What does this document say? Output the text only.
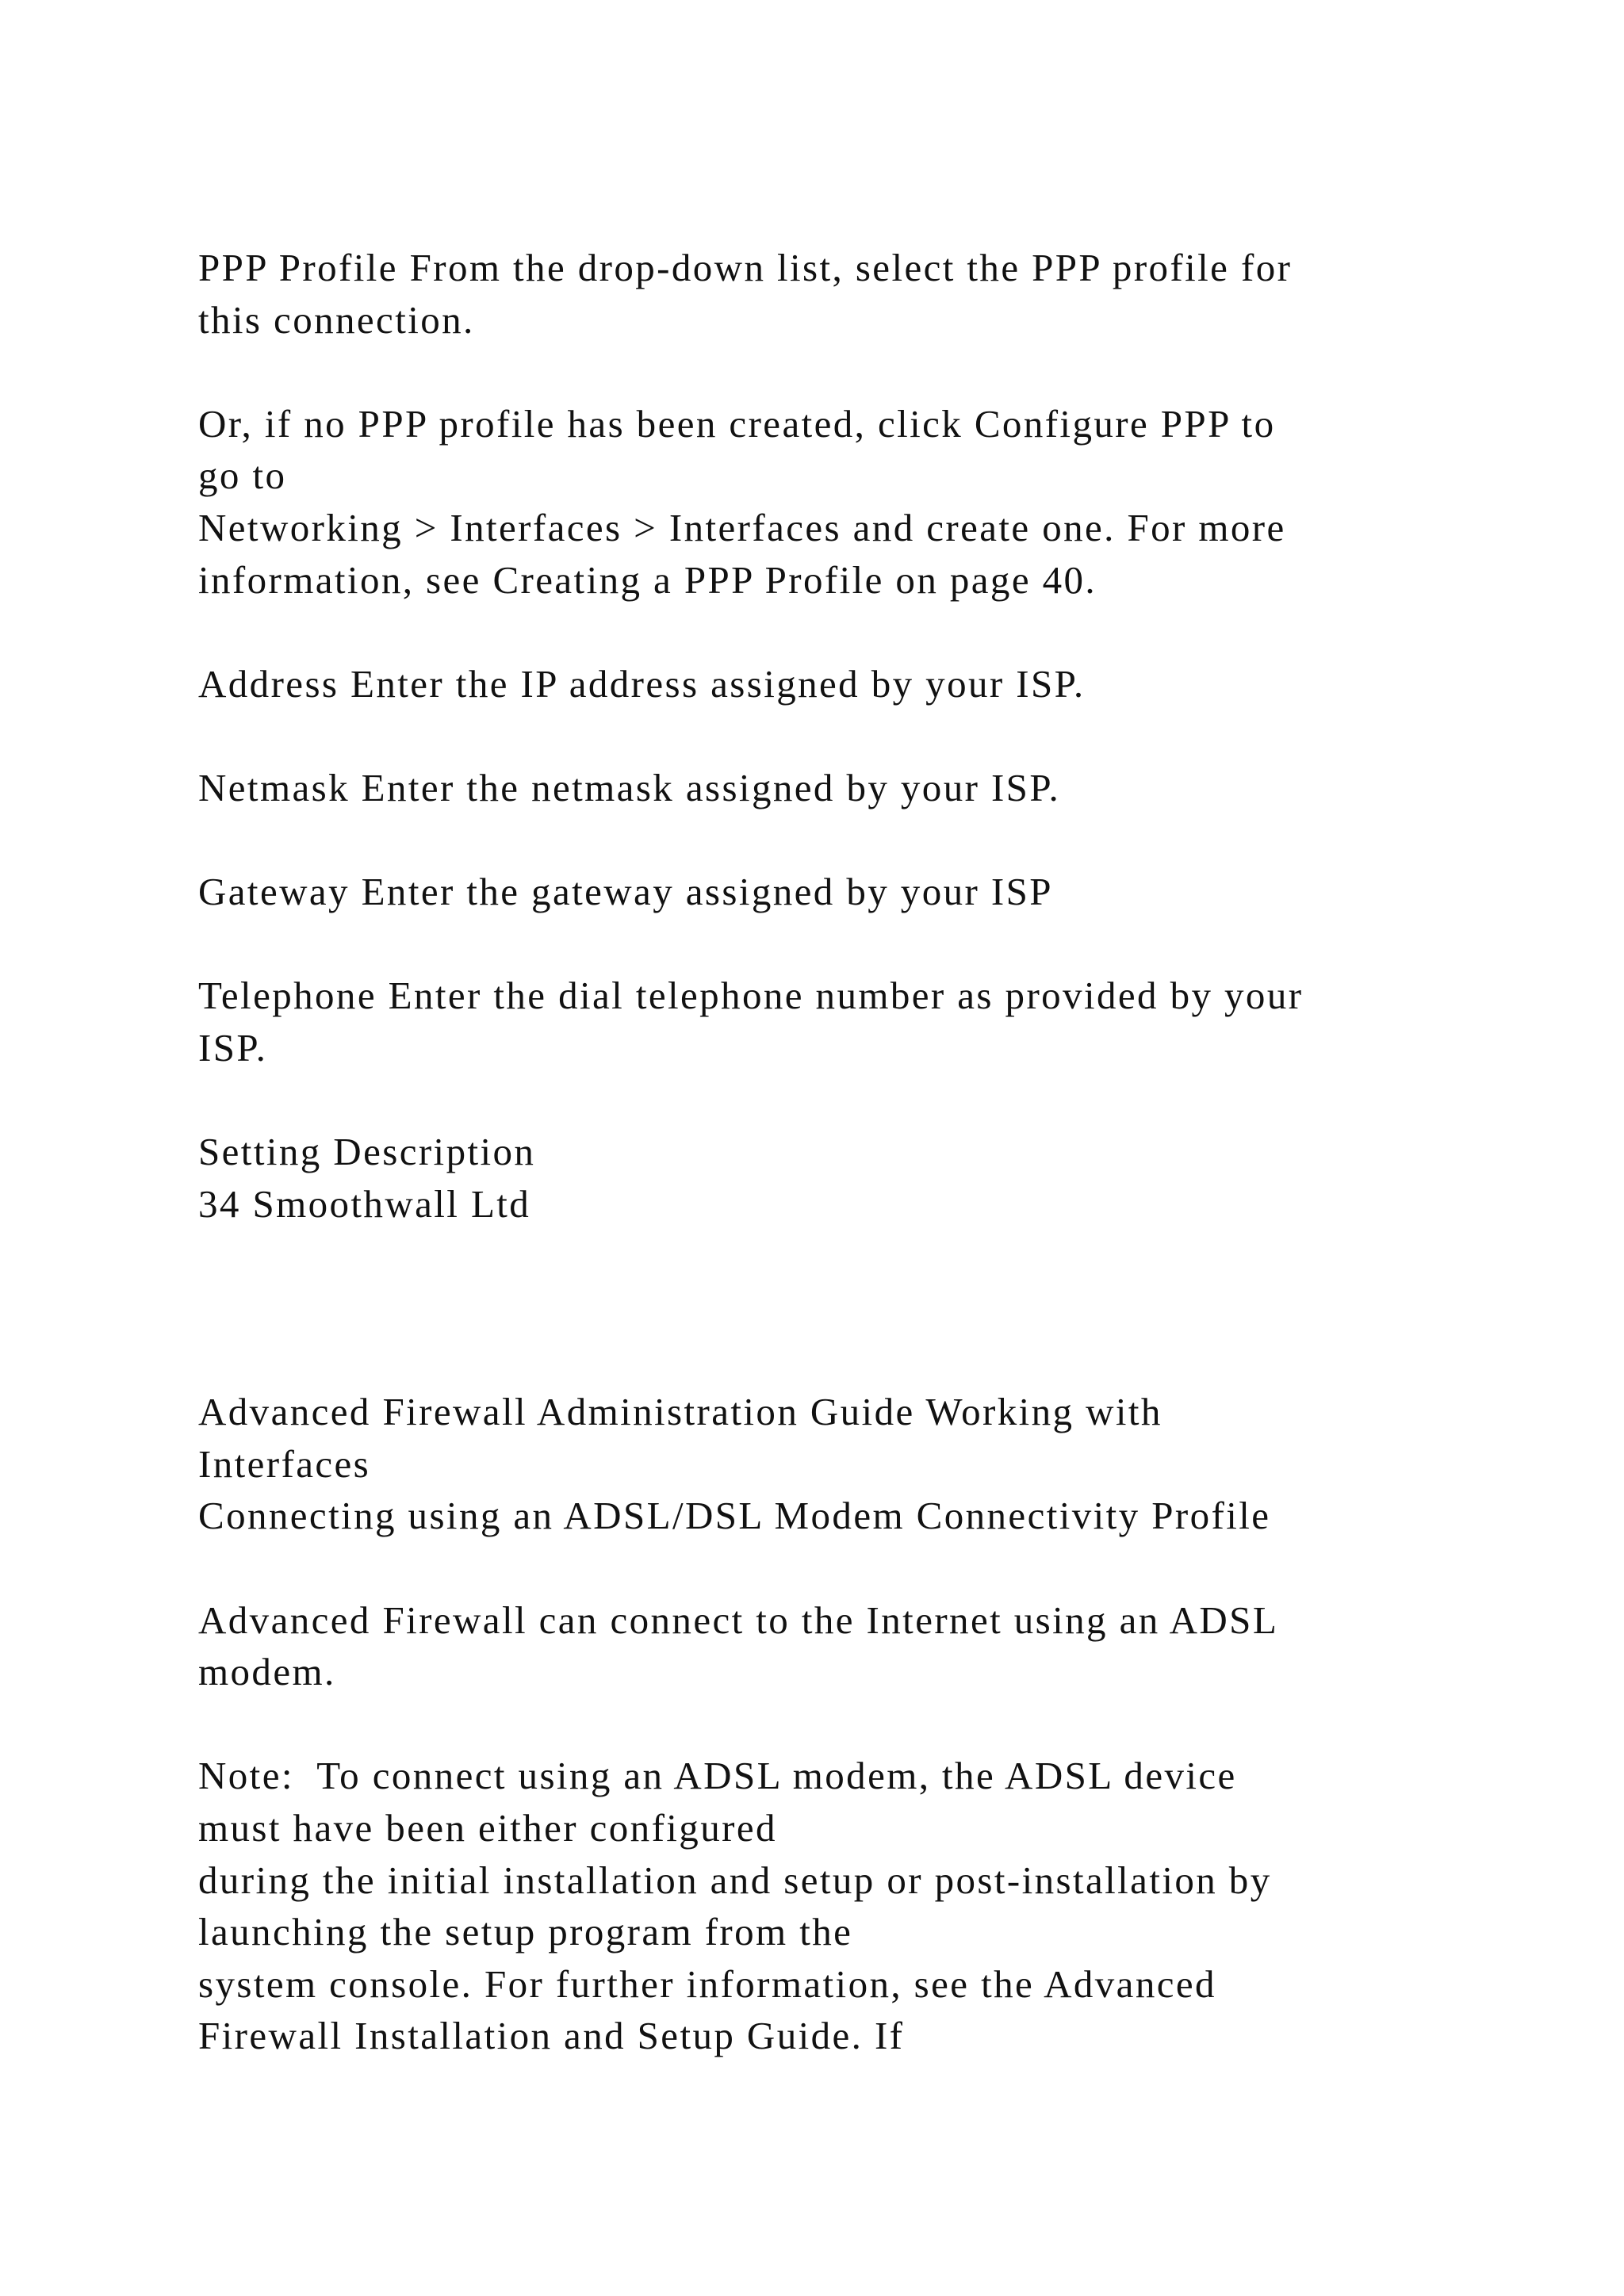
PPP Profile From the drop-down list, select the PPP profile for
this connection.
Or, if no PPP profile has been created, click Configure PPP to
go to
Networking > Interfaces > Interfaces and create one. For more
information, see Creating a PPP Profile on page 40.
Address Enter the IP address assigned by your ISP.
Netmask Enter the netmask assigned by your ISP.
Gateway Enter the gateway assigned by your ISP
Telephone Enter the dial telephone number as provided by your
ISP.
Setting Description
34 Smoothwall Ltd
Advanced Firewall Administration Guide Working with
Interfaces
Connecting using an ADSL/DSL Modem Connectivity Profile
Advanced Firewall can connect to the Internet using an ADSL
modem.
Note:  To connect using an ADSL modem, the ADSL device
must have been either configured
during the initial installation and setup or post-installation by
launching the setup program from the
system console. For further information, see the Advanced
Firewall Installation and Setup Guide. If
